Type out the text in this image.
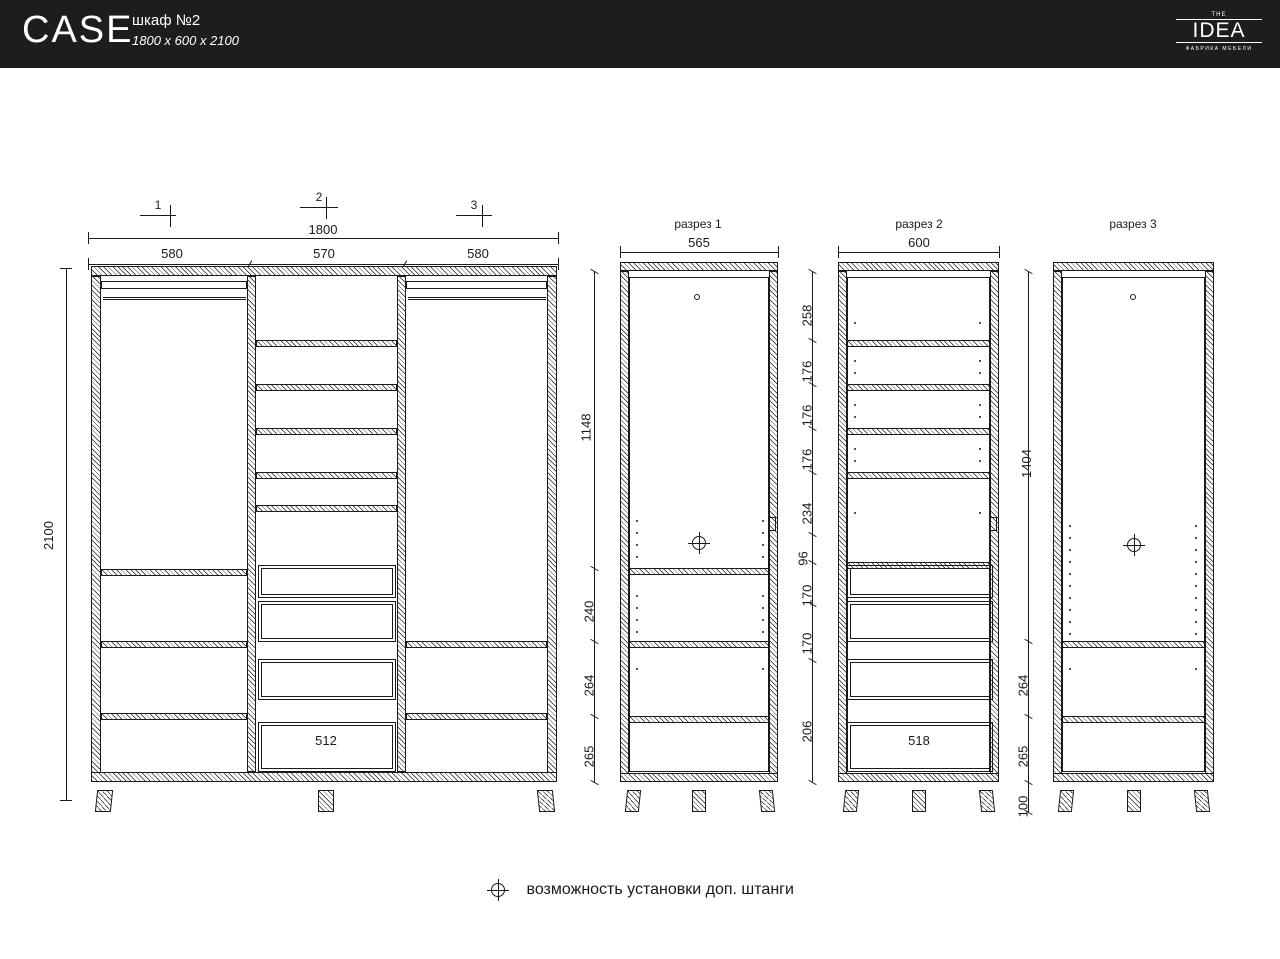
CASE
шкаф №2
1800 x 600 x 2100
THE
IDEA
ФАБРИКА МЕБЕЛИ
1
2
3
1800
580	570	580
2100
512
разрез 1
565
1148
240
264
265
разрез 2
600
518
258
176
176
176
234
96
170
170
206
разрез 3
1404
264
265
100
возможность установки доп. штанги
